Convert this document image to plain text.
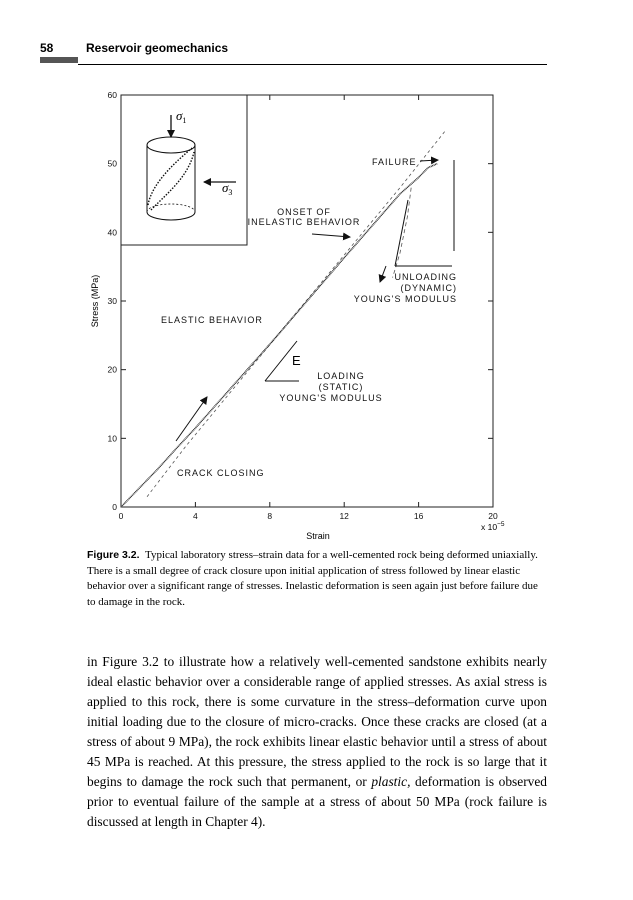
58	Reservoir geomechanics
0	4	8	12	16	20
0
10
20
30
40
50
60
Stress (MPa)
Strain
x $10^{-5}$
$\sigma_1$
$\sigma_3$
FAILURE
ONSET OF
INELASTIC BEHAVIOR
UNLOADING
(DYNAMIC)
YOUNG'S MODULUS
ELASTIC BEHAVIOR
E
LOADING
(STATIC)
YOUNG'S MODULUS
CRACK CLOSING
Figure 3.2. Typical laboratory stress–strain data for a well-cemented rock being deformed uniaxially. There is a small degree of crack closure upon initial application of stress followed by linear elastic behavior over a significant range of stresses. Inelastic deformation is seen again just before failure due to damage in the rock.

in Figure 3.2 to illustrate how a relatively well-cemented sandstone exhibits nearly ideal elastic behavior over a considerable range of applied stresses. As axial stress is applied to this rock, there is some curvature in the stress–deformation curve upon initial loading due to the closure of micro-cracks. Once these cracks are closed (at a stress of about 9 MPa), the rock exhibits linear elastic behavior until a stress of about 45 MPa is reached. At this pressure, the stress applied to the rock is so large that it begins to damage the rock such that permanent, or plastic, deformation is observed prior to eventual failure of the sample at a stress of about 50 MPa (rock failure is discussed at length in Chapter 4).
